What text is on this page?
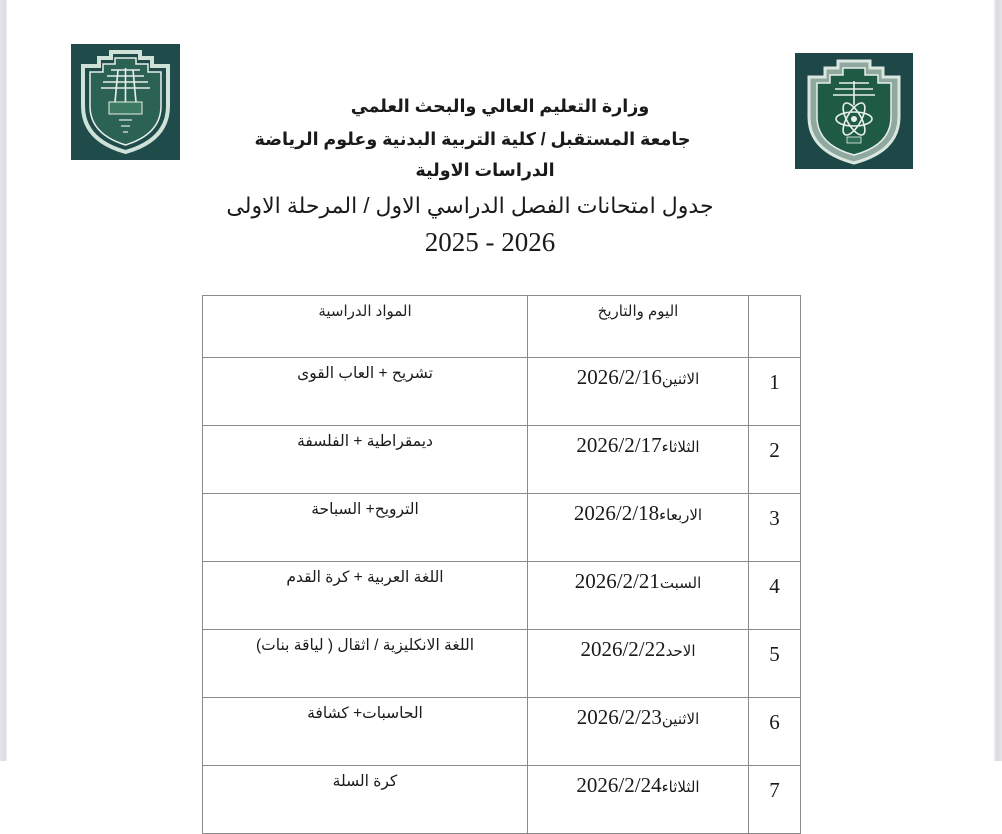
وزارة التعليم العالي والبحث العلمي
جامعة المستقبل / كلية التربية البدنية وعلوم الرياضة
الدراسات الاولية
جدول امتحانات الفصل الدراسي الاول / المرحلة الاولى
2026 - 2025
	اليوم والتاريخ	المواد الدراسية
1	الاثنين2026/2/16	تشريح + العاب القوى
2	الثلاثاء2026/2/17	ديمقراطية + الفلسفة
3	الاربعاء2026/2/18	الترويح+ السباحة
4	السبت2026/2/21	اللغة العربية + كرة القدم
5	الاحد2026/2/22	اللغة الانكليزية / اثقال ( لياقة بنات)
6	الاثنين2026/2/23	الحاسبات+ كشافة
7	الثلاثاء2026/2/24	كرة السلة
